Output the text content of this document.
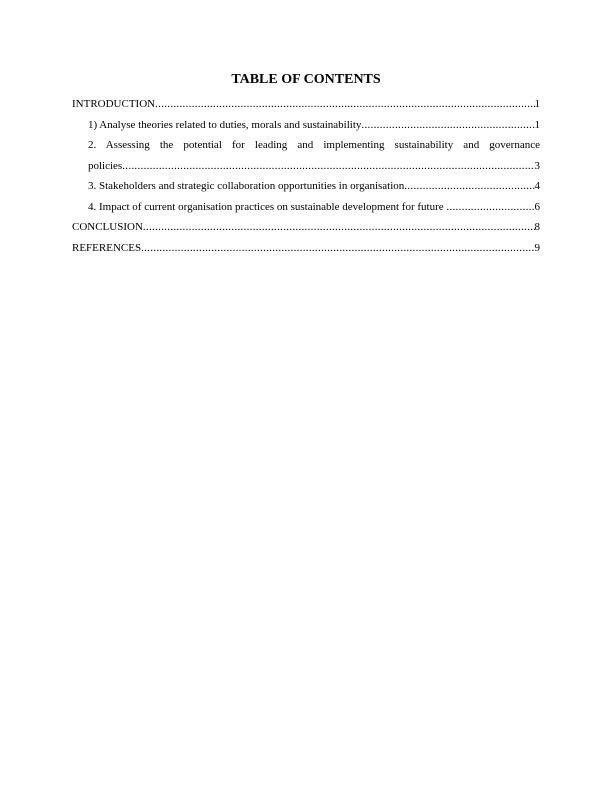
TABLE OF CONTENTS
INTRODUCTION .....	1
1) Analyse theories related to duties, morals and sustainability .....	1
2. Assessing the potential for leading and implementing sustainability and governance
policies .....	3
3. Stakeholders and strategic collaboration opportunities in organisation .....	4
4. Impact of current organisation practices on sustainable development for future .....	6
CONCLUSION .....	8
REFERENCES .....	9
